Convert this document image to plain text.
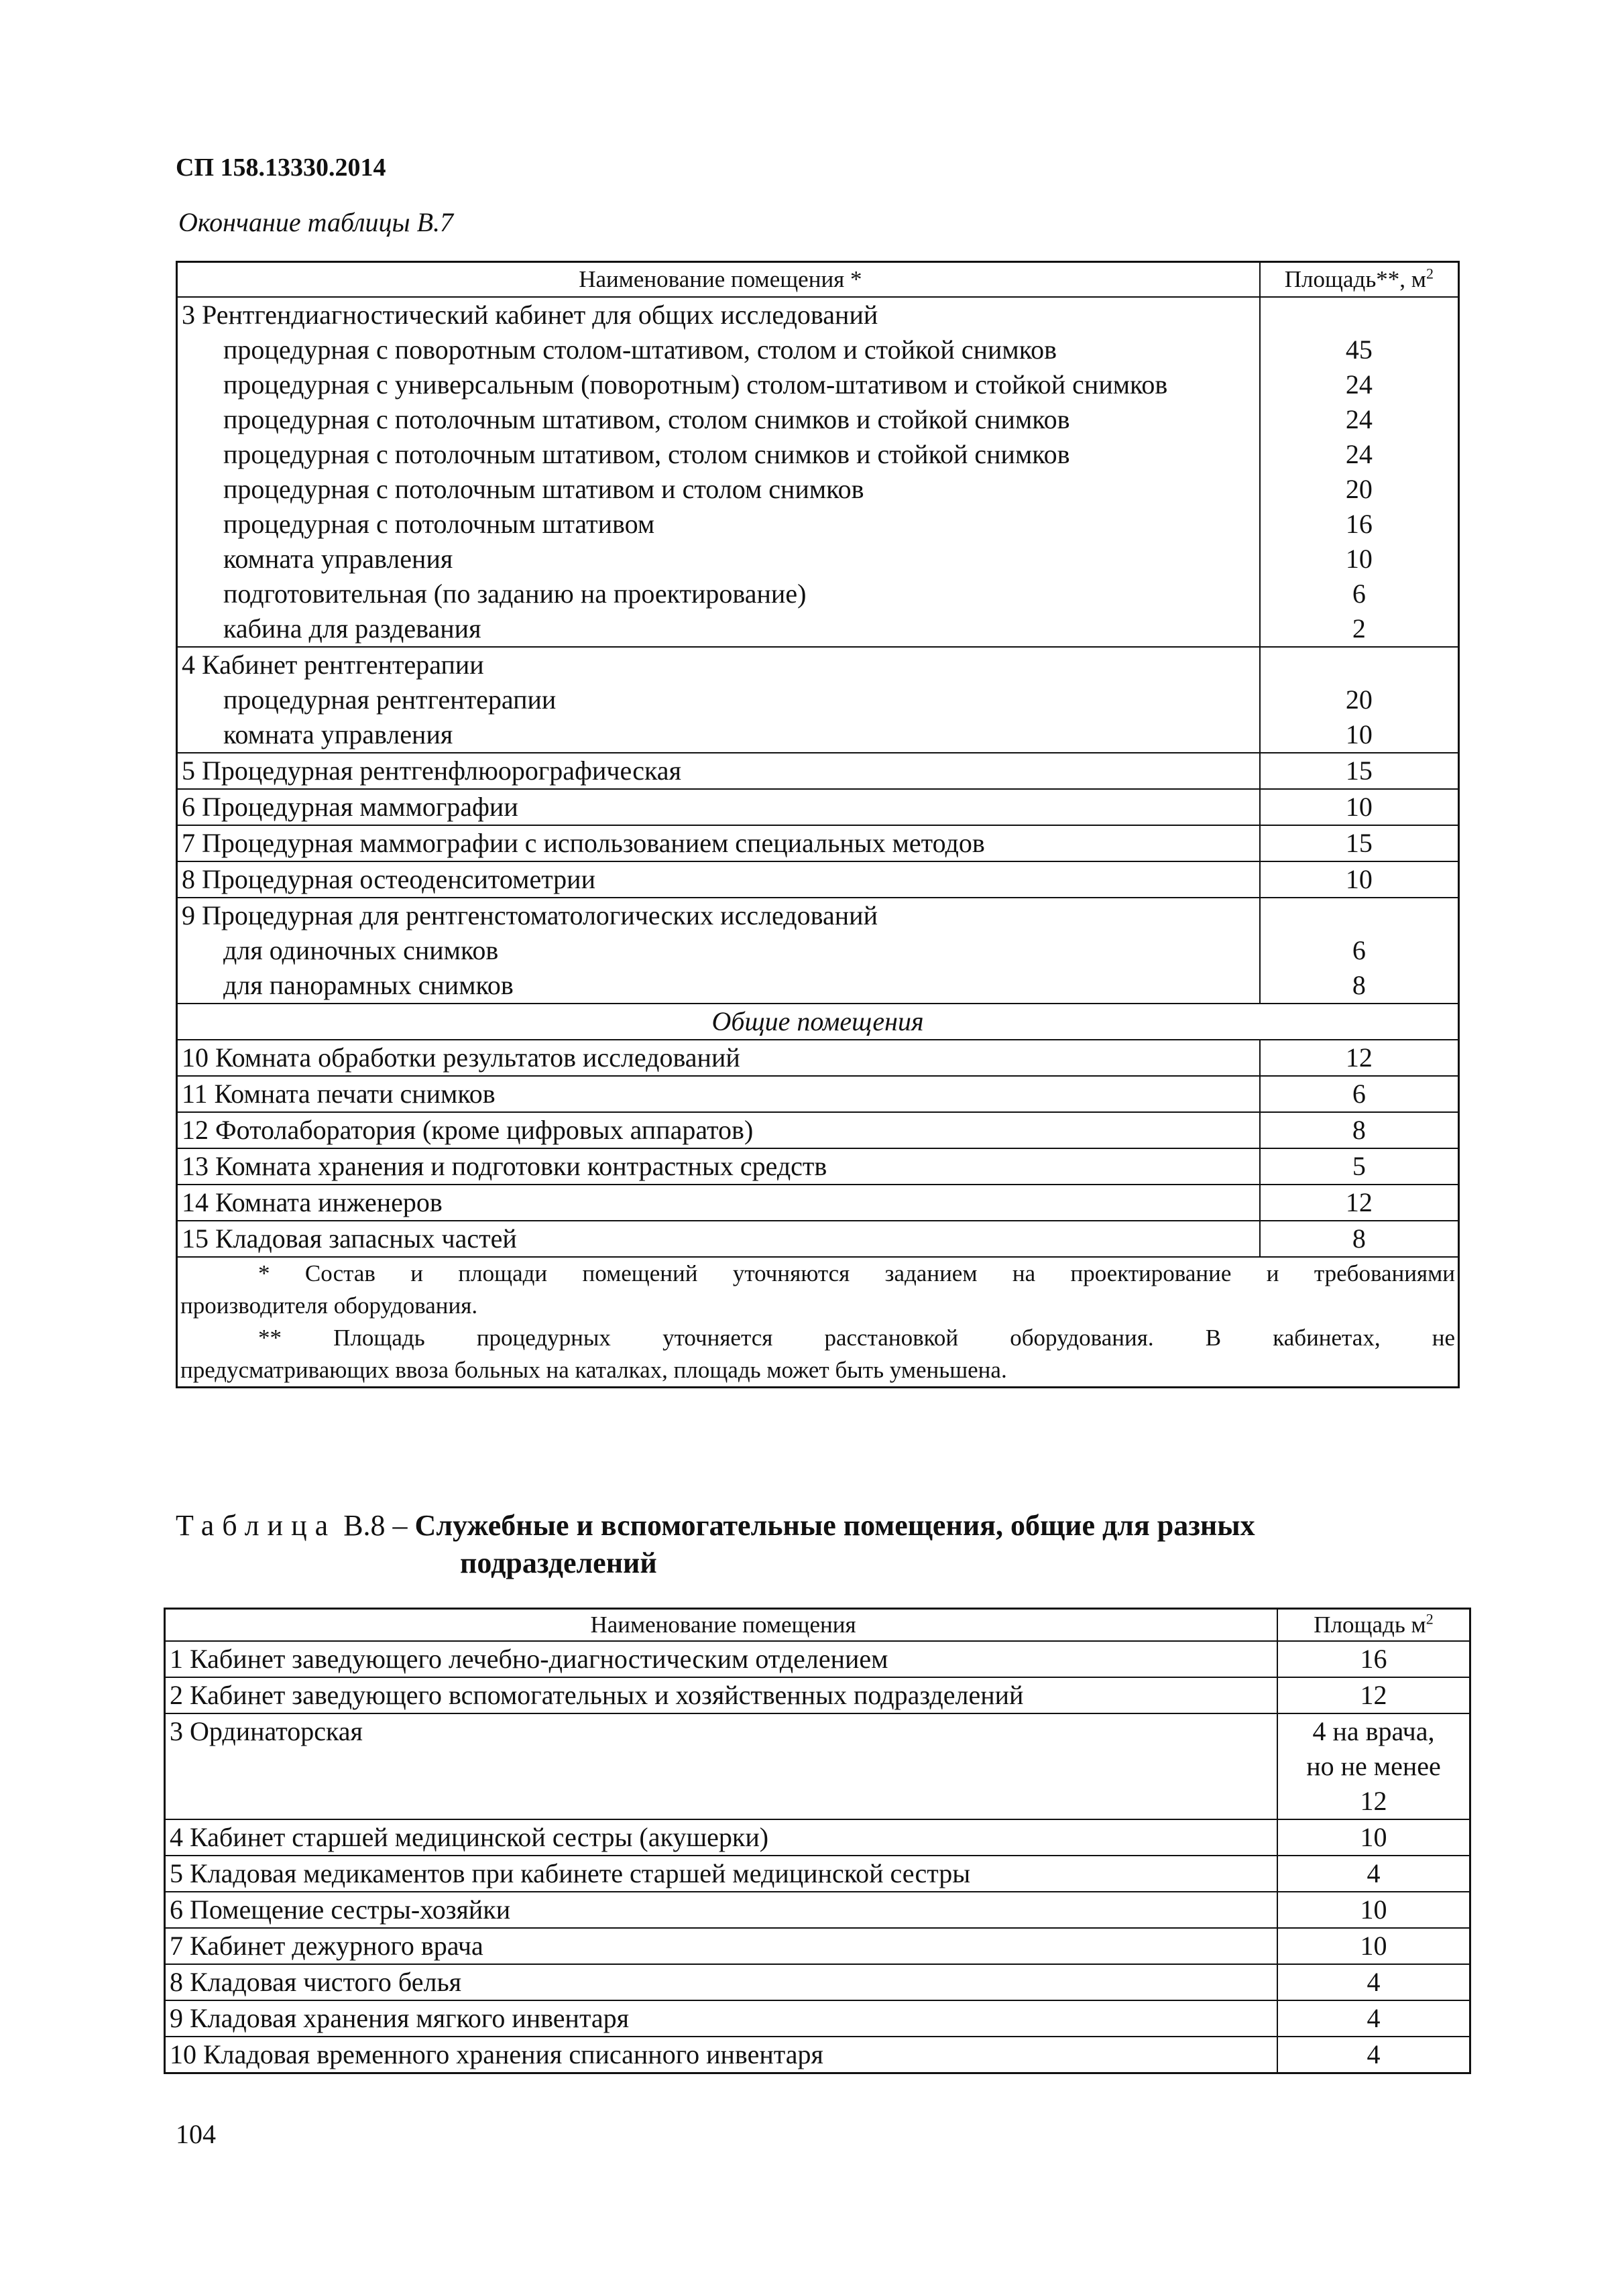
СП 158.13330.2014
Окончание таблицы В.7
Наименование помещения *	Площадь**, $м^2$
3 Рентгендиагностический кабинет для общих исследований	

процедурная с поворотным столом-штативом, столом и стойкой снимков	45

процедурная с универсальным (поворотным) столом-штативом и стойкой снимков	24

процедурная с потолочным штативом, столом снимков и стойкой снимков	24

процедурная с потолочным штативом, столом снимков и стойкой снимков	24

процедурная с потолочным штативом и столом снимков	20

процедурная с потолочным штативом	16

комната управления	10

подготовительная (по заданию на проектирование)	6

кабина для раздевания	2
4 Кабинет рентгентерапии	

процедурная рентгентерапии	20

комната управления	10
5 Процедурная рентгенфлюорографическая	15
6 Процедурная маммографии	10
7 Процедурная маммографии с использованием специальных методов	15
8 Процедурная остеоденситометрии	10
9 Процедурная для рентгенстоматологических исследований	

для одиночных снимков	6

для панорамных снимков	8
Общие помещения	
10 Комната обработки результатов исследований	12
11 Комната печати снимков	6
12 Фотолаборатория (кроме цифровых аппаратов)	8
13 Комната хранения и подготовки контрастных средств	5
14 Комната инженеров	12
15 Кладовая запасных частей	8
* Состав и площади помещений уточняются заданием на проектирование и требованиями	
производителя оборудования.	
** Площадь процедурных уточняется расстановкой оборудования. В кабинетах, не	
предусматривающих ввоза больных на каталках, площадь может быть уменьшена.	
Таблица В.8 – Служебные и вспомогательные помещения, общие для разных
подразделений
Наименование помещения	Площадь $м^2$
1 Кабинет заведующего лечебно-диагностическим отделением	16
2 Кабинет заведующего вспомогательных и хозяйственных подразделений	12
3 Ординаторская	4 на врача,
но не менее
12

4 Кабинет старшей медицинской сестры (акушерки)	10
5 Кладовая медикаментов при кабинете старшей медицинской сестры	4
6 Помещение сестры-хозяйки	10
7 Кабинет дежурного врача	10
8 Кладовая чистого белья	4
9 Кладовая хранения мягкого инвентаря	4
10 Кладовая временного хранения списанного инвентаря	4
104
